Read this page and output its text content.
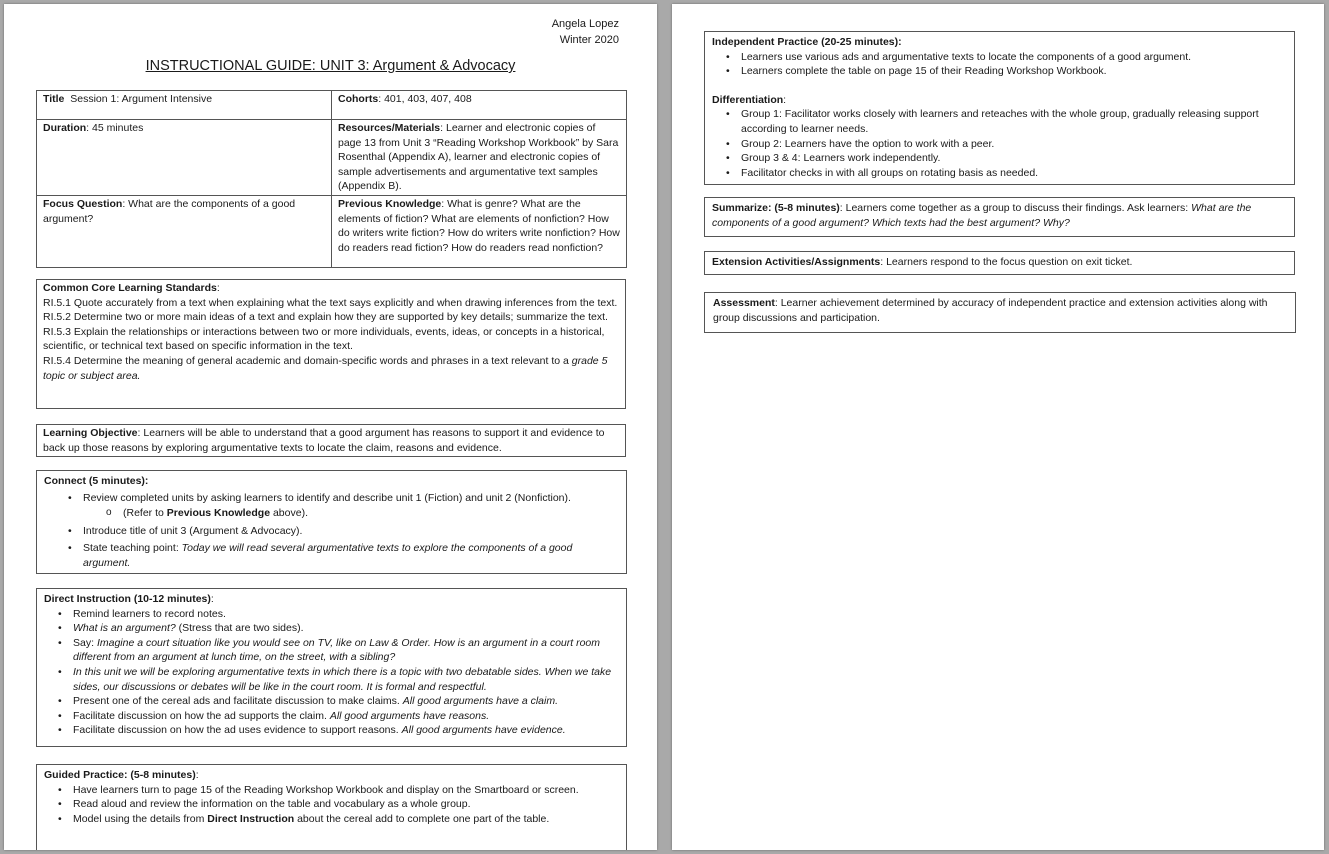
Angela Lopez
Winter 2020
INSTRUCTIONAL GUIDE: UNIT 3: Argument & Advocacy
Title  Session 1: Argument Intensive	Cohorts: 401, 403, 407, 408
Duration: 45 minutes	Resources/Materials: Learner and electronic copies of page 13 from Unit 3 “Reading Workshop Workbook” by Sara Rosenthal (Appendix A), learner and electronic copies of sample advertisements and argumentative text samples (Appendix B).
Focus Question: What are the components of a good argument?	Previous Knowledge: What is genre? What are the elements of fiction? What are elements of nonfiction? How do writers write fiction? How do writers write nonfiction? How do readers read fiction? How do readers read nonfiction?

Common Core Learning Standards:

RI.5.1 Quote accurately from a text when explaining what the text says explicitly and when drawing inferences from the text.

RI.5.2 Determine two or more main ideas of a text and explain how they are supported by key details; summarize the text.

RI.5.3 Explain the relationships or interactions between two or more individuals, events, ideas, or concepts in a historical, scientific, or technical text based on specific information in the text.

RI.5.4 Determine the meaning of general academic and domain-specific words and phrases in a text relevant to a grade 5 topic or subject area.

Learning Objective: Learners will be able to understand that a good argument has reasons to support it and evidence to back up those reasons by exploring argumentative texts to locate the claim, reasons and evidence.

Connect (5 minutes):

• Review completed units by asking learners to identify and describe unit 1 (Fiction) and unit 2 (Nonfiction).
o (Refer to Previous Knowledge above).
• Introduce title of unit 3 (Argument & Advocacy).
• State teaching point: Today we will read several argumentative texts to explore the components of a good argument.

Direct Instruction (10-12 minutes):

• Remind learners to record notes.
• What is an argument? (Stress that are two sides).
• Say: Imagine a court situation like you would see on TV, like on Law & Order. How is an argument in a court room different from an argument at lunch time, on the street, with a sibling?
• In this unit we will be exploring argumentative texts in which there is a topic with two debatable sides. When we take sides, our discussions or debates will be like in the court room. It is formal and respectful.
• Present one of the cereal ads and facilitate discussion to make claims. All good arguments have a claim.
• Facilitate discussion on how the ad supports the claim. All good arguments have reasons.
• Facilitate discussion on how the ad uses evidence to support reasons. All good arguments have evidence.

Guided Practice: (5-8 minutes):

• Have learners turn to page 15 of the Reading Workshop Workbook and display on the Smartboard or screen.
• Read aloud and review the information on the table and vocabulary as a whole group.
• Model using the details from Direct Instruction about the cereal add to complete one part of the table.

Independent Practice (20-25 minutes):

• Learners use various ads and argumentative texts to locate the components of a good argument.
• Learners complete the table on page 15 of their Reading Workshop Workbook.

Differentiation:

• Group 1: Facilitator works closely with learners and reteaches with the whole group, gradually releasing support according to learner needs.
• Group 2: Learners have the option to work with a peer.
• Group 3 & 4: Learners work independently.
• Facilitator checks in with all groups on rotating basis as needed.

Summarize: (5-8 minutes): Learners come together as a group to discuss their findings. Ask learners: What are the components of a good argument? Which texts had the best argument? Why?

Extension Activities/Assignments: Learners respond to the focus question on exit ticket.

Assessment: Learner achievement determined by accuracy of independent practice and extension activities along with group discussions and participation.
